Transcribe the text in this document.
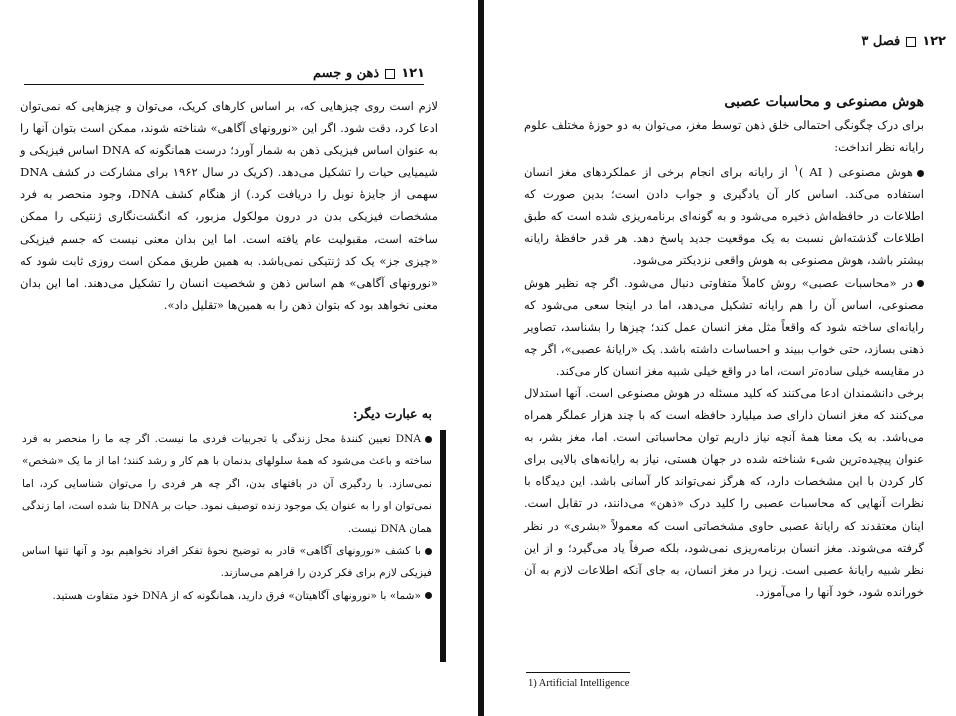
ذهن و جسم ۱۲۱

لازم است روی چیزهایی که، بر اساس کارهای کریک، می‌توان و چیزهایی که نمی‌توان ادعا کرد، دقت شود. اگر این «نورونهای آگاهی» شناخته شوند، ممکن است بتوان آنها را به عنوان اساس فیزیکی ذهن به شمار آورد؛ درست همانگونه که DNA اساس فیزیکی و شیمیایی حیات را تشکیل می‌دهد. (کریک در سال ۱۹۶۲ برای مشارکت در کشف DNA سهمی از جایزهٔ نوبل را دریافت کرد.) از هنگام کشف DNA، وجود منحصر به فرد مشخصات فیزیکی بدن در درون مولکول مزبور، که انگشت‌نگاری ژنتیکی را ممکن ساخته است، مقبولیت عام یافته است. اما این بدان معنی نیست که جسم فیزیکی «چیزی جز» یک کد ژنتیکی نمی‌باشد. به همین طریق ممکن است روزی ثابت شود که «نورونهای آگاهی» هم اساس ذهن و شخصیت انسان را تشکیل می‌دهند. اما این بدان معنی نخواهد بود که بتوان ذهن را به همین‌ها «تقلیل داد».

به عبارت دیگر:

DNA تعیین کنندهٔ محل زندگی یا تجربیات فردی ما نیست. اگر چه ما را منحصر به فرد ساخته و باعث می‌شود که همهٔ سلولهای بدنمان با هم کار و رشد کنند؛ اما از ما یک «شخص» نمی‌سازد. با ردگیری آن در بافتهای بدن، اگر چه هر فردی را می‌توان شناسایی کرد، اما نمی‌توان او را به عنوان یک موجود زنده توصیف نمود. حیات بر DNA بنا شده است، اما زندگی همان DNA نیست.

با کشف «نورونهای آگاهی» قادر به توضیح نحوهٔ تفکر افراد نخواهیم بود و آنها تنها اساس فیزیکی لازم برای فکر کردن را فراهم می‌سازند.

«شما» با «نورونهای آگاهیتان» فرق دارید، همانگونه که از DNA خود متفاوت هستید.

فصل ۳ ۱۲۲
هوش مصنوعی و محاسبات عصبی

برای درک چگونگی احتمالی خلق ذهن توسط مغز، می‌توان به دو حوزهٔ مختلف علوم رایانه نظر انداخت:

هوش مصنوعی ( AI )$^۱$ از رایانه برای انجام برخی از عملکردهای مغز انسان استفاده می‌کند. اساس کار آن یادگیری و جواب دادن است؛ بدین صورت که اطلاعات در حافظه‌اش ذخیره می‌شود و به گونه‌ای برنامه‌ریزی شده است که طبق اطلاعات گذشته‌اش نسبت به یک موقعیت جدید پاسخ دهد. هر قدر حافظهٔ رایانه بیشتر باشد، هوش مصنوعی به هوش واقعی نزدیکتر می‌شود.

در «محاسبات عصبی» روش کاملاً متفاوتی دنبال می‌شود. اگر چه نظیر هوش مصنوعی، اساس آن را هم رایانه تشکیل می‌دهد، اما در اینجا سعی می‌شود که رایانه‌ای ساخته شود که واقعاً مثل مغز انسان عمل کند؛ چیزها را بشناسد، تصاویر ذهنی بسازد، حتی خواب ببیند و احساسات داشته باشد. یک «رایانهٔ عصبی»، اگر چه در مقایسه خیلی ساده‌تر است، اما در واقع خیلی شبیه مغز انسان کار می‌کند.

برخی دانشمندان ادعا می‌کنند که کلید مسئله در هوش مصنوعی است. آنها استدلال می‌کنند که مغز انسان دارای صد میلیارد حافظه است که با چند هزار عملگر همراه می‌باشد. به یک معنا همهٔ آنچه نیاز داریم توان محاسباتی است. اما، مغز بشر، به عنوان پیچیده‌ترین شیء شناخته شده در جهان هستی، نیاز به رایانه‌های بالایی برای کار کردن با این مشخصات دارد، که هرگز نمی‌تواند کار آسانی باشد. این دیدگاه با نظرات آنهایی که محاسبات عصبی را کلید درک «ذهن» می‌دانند، در تقابل است. اینان معتقدند که رایانهٔ عصبی حاوی مشخصاتی است که معمولاً «بشری» در نظر گرفته می‌شوند. مغز انسان برنامه‌ریزی نمی‌شود، بلکه صرفاً یاد می‌گیرد؛ و از این نظر شبیه رایانهٔ عصبی است. زیرا در مغز انسان، به جای آنکه اطلاعات لازم به آن خورانده شود، خود آنها را می‌آموزد.

1) Artificial Intelligence
